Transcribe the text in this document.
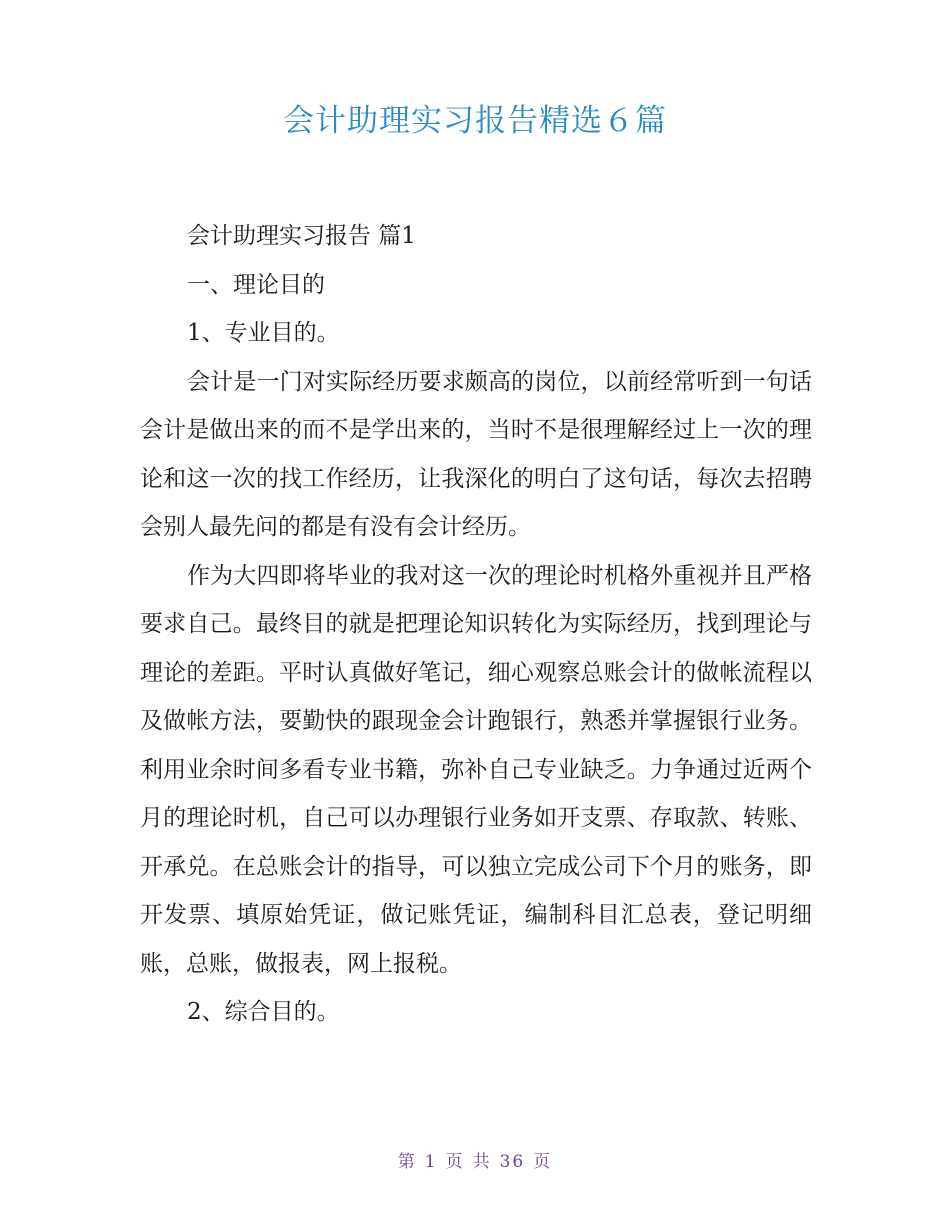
会计助理实习报告精选６篇

会计助理实习报告 篇1

一、理论目的

1、专业目的。

会计是一门对实际经历要求颇高的岗位，以前经常听到一句话会计是做出来的而不是学出来的，当时不是很理解经过上一次的理论和这一次的找工作经历，让我深化的明白了这句话，每次去招聘会别人最先问的都是有没有会计经历。

作为大四即将毕业的我对这一次的理论时机格外重视并且严格要求自己。最终目的就是把理论知识转化为实际经历，找到理论与理论的差距。平时认真做好笔记，细心观察总账会计的做帐流程以及做帐方法，要勤快的跟现金会计跑银行，熟悉并掌握银行业务。利用业余时间多看专业书籍，弥补自己专业缺乏。力争通过近两个月的理论时机，自己可以办理银行业务如开支票、存取款、转账、开承兑。在总账会计的指导，可以独立完成公司下个月的账务，即开发票、填原始凭证，做记账凭证，编制科目汇总表，登记明细账，总账，做报表，网上报税。

2、综合目的。

第 1 页 共 36 页
